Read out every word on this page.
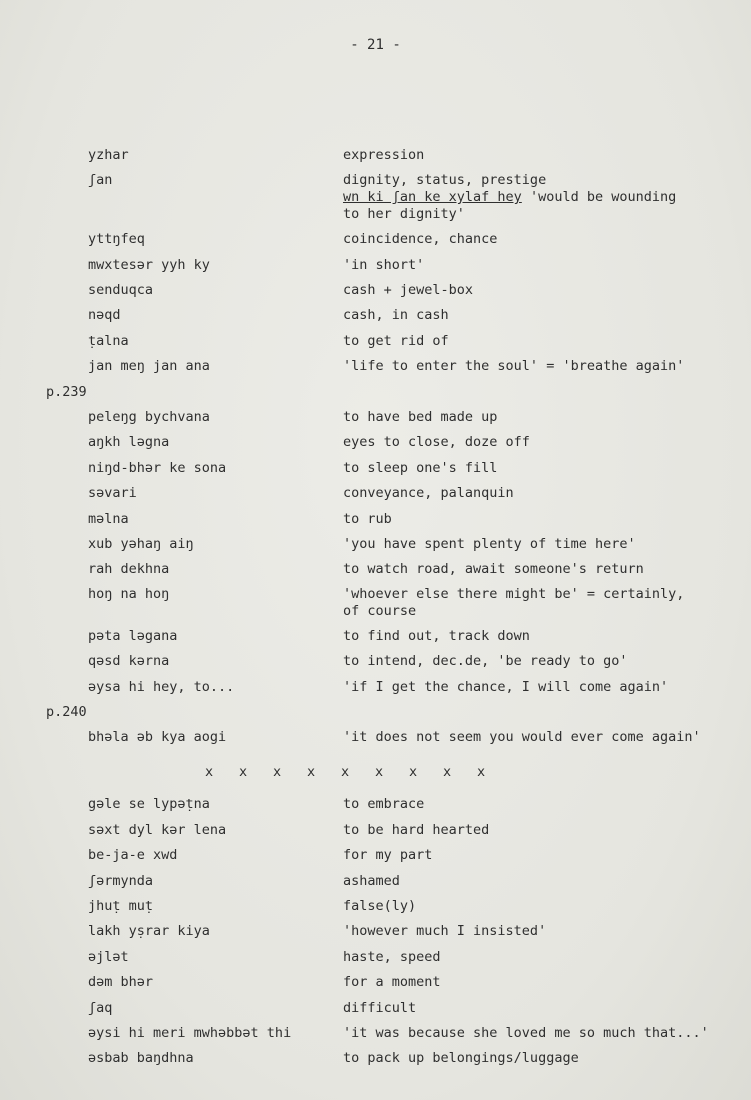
- 21 -
yzhar	expression
ʃan	dignity, status, prestige
wn ki ʃan ke xylaf hey 'would be wounding
to her dignity'
yttŋfeq	coincidence, chance
mwxtesər yyh ky	'in short'
senduqca	cash + jewel-box
nəqd	cash, in cash
ṭalna	to get rid of
jan meŋ jan ana	'life to enter the soul' = 'breathe again'
p.239
peleŋg bychvana	to have bed made up
aŋkh ləgna	eyes to close, doze off
niŋd-bhər ke sona	to sleep one's fill
səvari	conveyance, palanquin
məlna	to rub
xub yəhaŋ aiŋ	'you have spent plenty of time here'
rah dekhna	to watch road, await someone's return
hoŋ na hoŋ	'whoever else there might be' = certainly,
of course
pəta ləgana	to find out, track down
qəsd kərna	to intend, dec.de, 'be ready to go'
əysa hi hey, to...	'if I get the chance, I will come again'
p.240
bhəla əb kya aogi	'it does not seem you would ever come again'
x x x x x x x x x
gəle se lypəṭna	to embrace
səxt dyl kər lena	to be hard hearted
be-ja-e xwd	for my part
ʃərmynda	ashamed
jhuṭ muṭ	false(ly)
lakh yṣrar kiya	'however much I insisted'
əjlət	haste, speed
dəm bhər	for a moment
ʃaq	difficult
əysi hi meri mwhəbbət thi	'it was because she loved me so much that...'
əsbab baŋdhna	to pack up belongings/luggage
